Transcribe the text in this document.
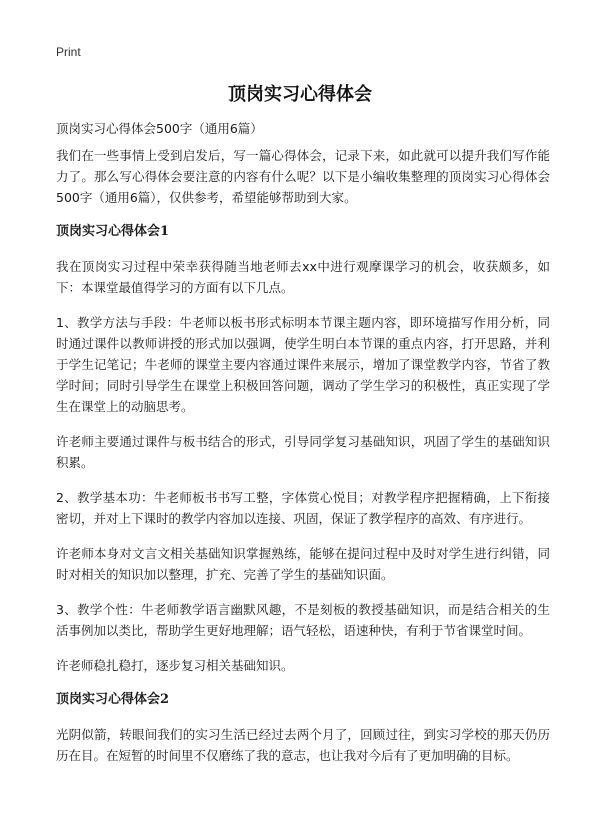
Print
顶岗实习心得体会

顶岗实习心得体会500字（通用6篇）

我们在一些事情上受到启发后，写一篇心得体会，记录下来，如此就可以提升我们写作能力了。那么写心得体会要注意的内容有什么呢？以下是小编收集整理的顶岗实习心得体会500字（通用6篇），仅供参考，希望能够帮助到大家。

顶岗实习心得体会1

我在顶岗实习过程中荣幸获得随当地老师去xx中进行观摩课学习的机会，收获颇多，如下：本课堂最值得学习的方面有以下几点。

1、教学方法与手段：牛老师以板书形式标明本节课主题内容，即环境描写作用分析，同时通过课件以教师讲授的形式加以强调，使学生明白本节课的重点内容，打开思路，并利于学生记笔记；牛老师的课堂主要内容通过课件来展示，增加了课堂教学内容，节省了教学时间；同时引导学生在课堂上积极回答问题，调动了学生学习的积极性，真正实现了学生在课堂上的动脑思考。

许老师主要通过课件与板书结合的形式，引导同学复习基础知识，巩固了学生的基础知识积累。

2、教学基本功：牛老师板书书写工整，字体赏心悦目；对教学程序把握精确，上下衔接密切，并对上下课时的教学内容加以连接、巩固，保证了教学程序的高效、有序进行。

许老师本身对文言文相关基础知识掌握熟练，能够在提问过程中及时对学生进行纠错，同时对相关的知识加以整理，扩充、完善了学生的基础知识面。

3、教学个性：牛老师教学语言幽默风趣，不是刻板的教授基础知识，而是结合相关的生活事例加以类比，帮助学生更好地理解；语气轻松，语速种快，有利于节省课堂时间。

许老师稳扎稳打，逐步复习相关基础知识。

顶岗实习心得体会2

光阴似箭，转眼间我们的实习生活已经过去两个月了，回顾过往，到实习学校的那天仍历历在目。在短暂的时间里不仅磨练了我的意志，也让我对今后有了更加明确的目标。
